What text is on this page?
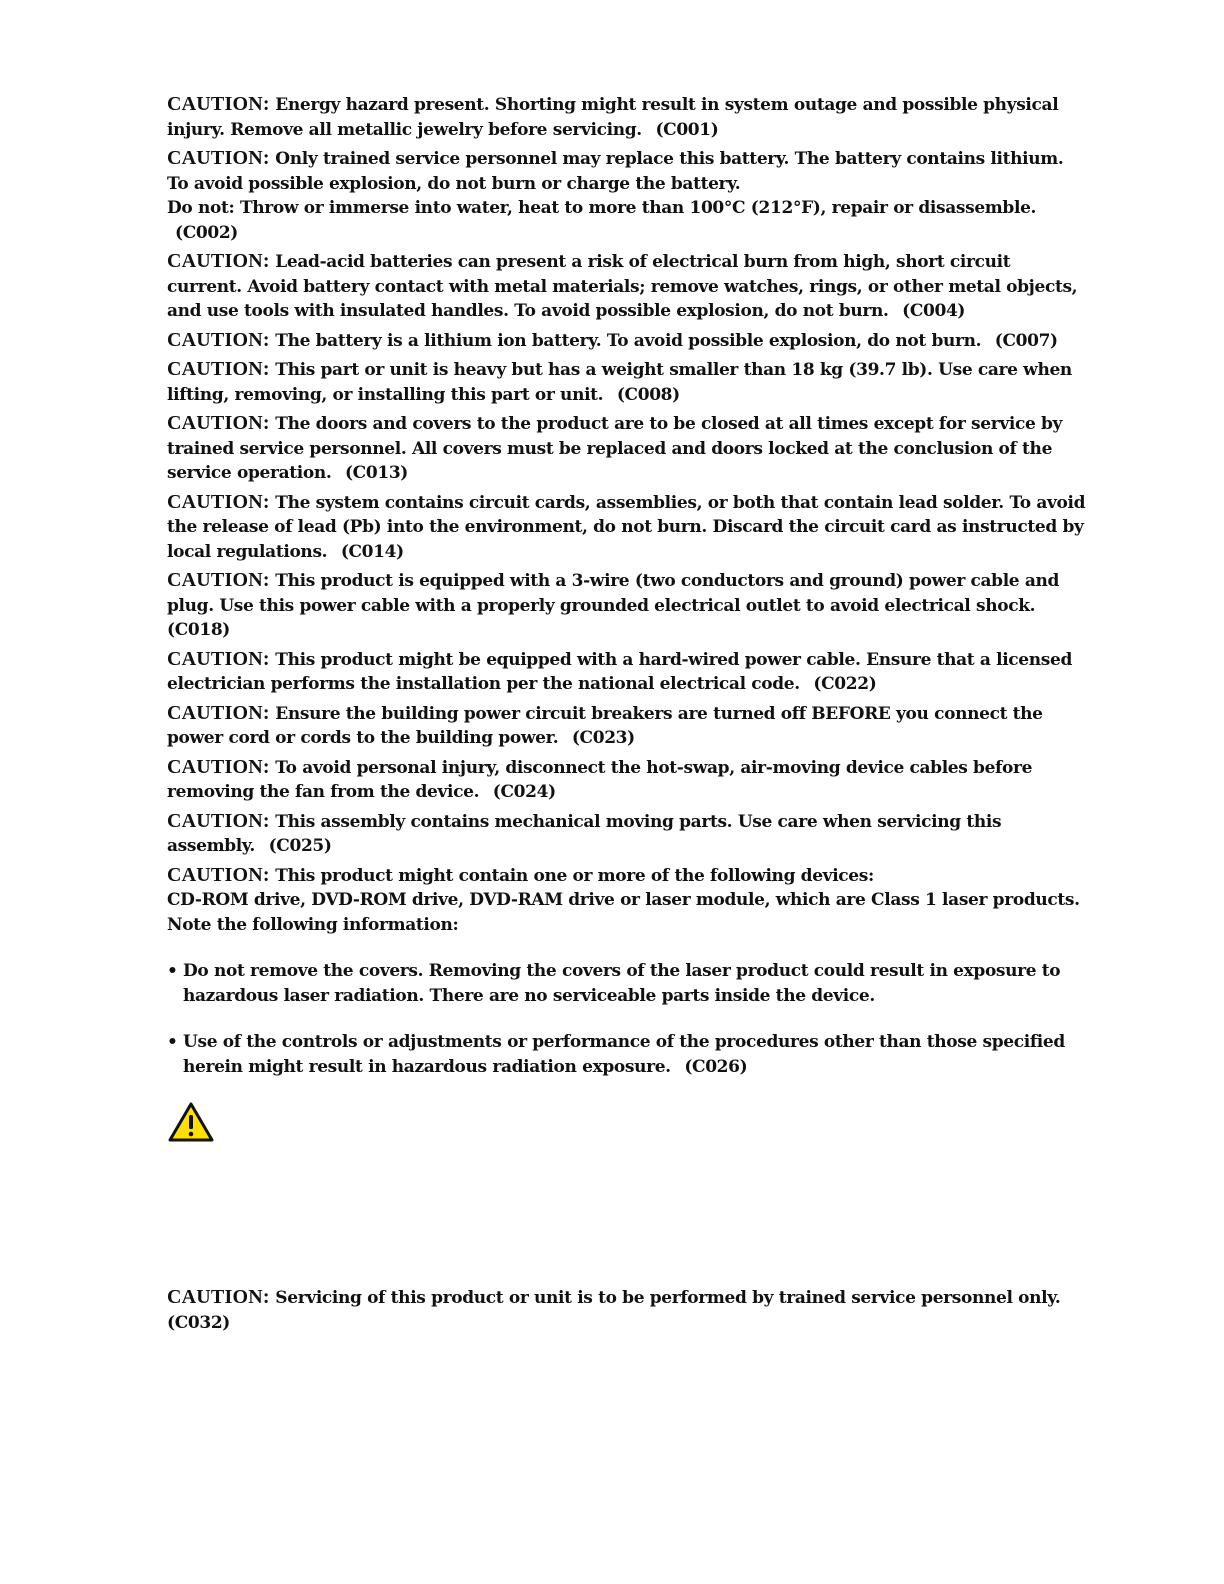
CAUTION: Energy hazard present. Shorting might result in system outage and possible physical injury. Remove all metallic jewelry before servicing. (C001)

CAUTION: Only trained service personnel may replace this battery. The battery contains lithium. To avoid possible explosion, do not burn or charge the battery.
Do not: Throw or immerse into water, heat to more than 100°C (212°F), repair or disassemble.(C002)

CAUTION: Lead-acid batteries can present a risk of electrical burn from high, short circuit current. Avoid battery contact with metal materials; remove watches, rings, or other metal objects, and use tools with insulated handles. To avoid possible explosion, do not burn. (C004)

CAUTION: The battery is a lithium ion battery. To avoid possible explosion, do not burn. (C007)

CAUTION: This part or unit is heavy but has a weight smaller than 18 kg (39.7 lb). Use care when lifting, removing, or installing this part or unit. (C008)

CAUTION: The doors and covers to the product are to be closed at all times except for service by trained service personnel. All covers must be replaced and doors locked at the conclusion of the service operation. (C013)

CAUTION: The system contains circuit cards, assemblies, or both that contain lead solder. To avoid the release of lead (Pb) into the environment, do not burn. Discard the circuit card as instructed by local regulations. (C014)

CAUTION: This product is equipped with a 3-wire (two conductors and ground) power cable and plug. Use this power cable with a properly grounded electrical outlet to avoid electrical shock.
(C018)

CAUTION: This product might be equipped with a hard-wired power cable. Ensure that a licensed electrician performs the installation per the national electrical code. (C022)

CAUTION: Ensure the building power circuit breakers are turned off BEFORE you connect the power cord or cords to the building power. (C023)

CAUTION: To avoid personal injury, disconnect the hot-swap, air-moving device cables before removing the fan from the device. (C024)

CAUTION: This assembly contains mechanical moving parts. Use care when servicing this assembly. (C025)

CAUTION: This product might contain one or more of the following devices:
CD-ROM drive, DVD-ROM drive, DVD-RAM drive or laser module, which are Class 1 laser products. Note the following information:
• Do not remove the covers. Removing the covers of the laser product could result in exposure to hazardous laser radiation. There are no serviceable parts inside the device.
• Use of the controls or adjustments or performance of the procedures other than those specified herein might result in hazardous radiation exposure. (C026)

CAUTION: Servicing of this product or unit is to be performed by trained service personnel only.
(C032)
